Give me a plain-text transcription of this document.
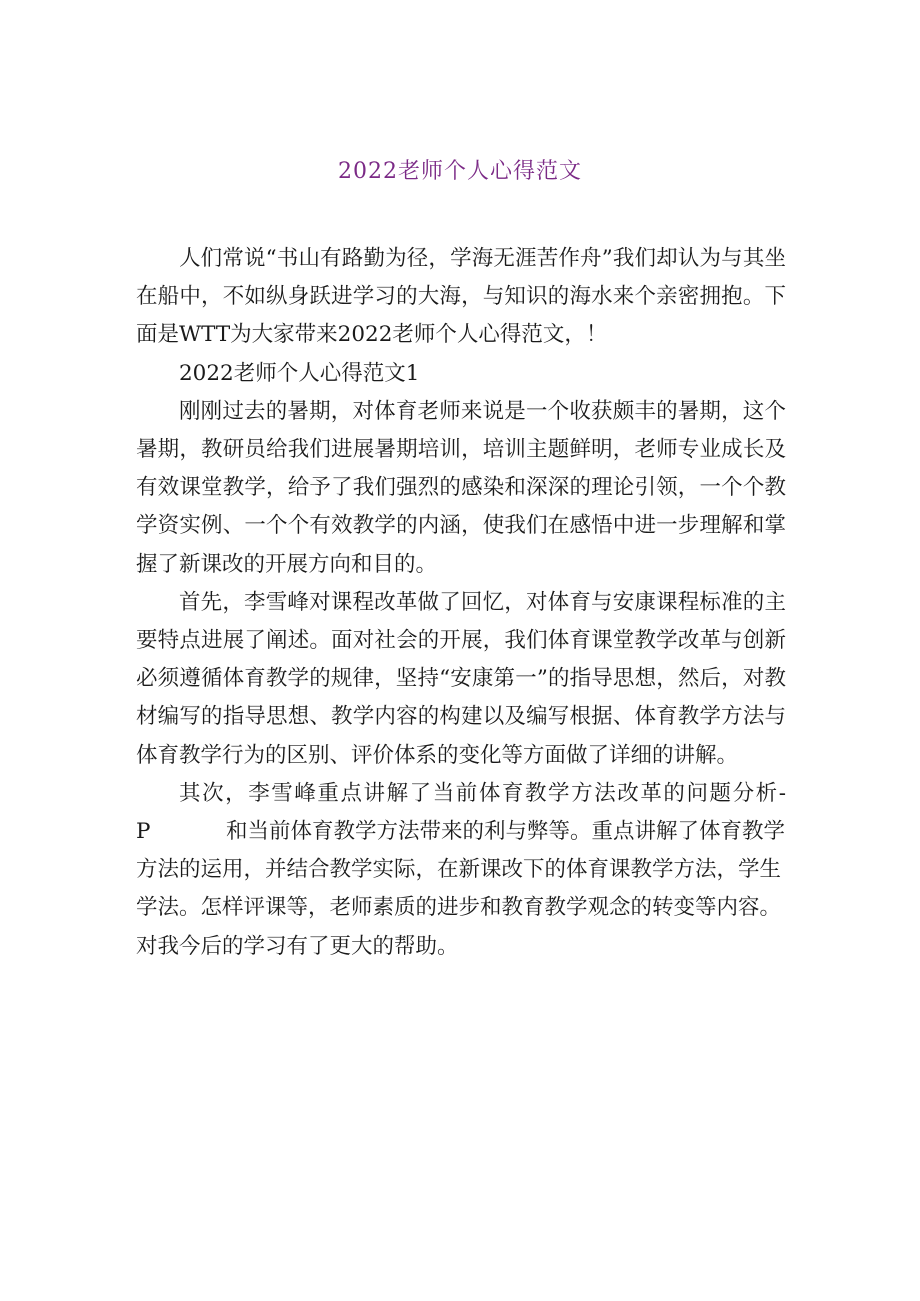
2022老师个人心得范文

人们常说“书山有路勤为径，学海无涯苦作舟”我们却认为与其坐在船中，不如纵身跃进学习的大海，与知识的海水来个亲密拥抱。下面是WTT为大家带来2022老师个人心得范文，！

2022老师个人心得范文1

刚刚过去的暑期，对体育老师来说是一个收获颇丰的暑期，这个暑期，教研员给我们进展暑期培训，培训主题鲜明，老师专业成长及有效课堂教学，给予了我们强烈的感染和深深的理论引领，一个个教学资实例、一个个有效教学的内涵，使我们在感悟中进一步理解和掌握了新课改的开展方向和目的。

首先，李雪峰对课程改革做了回忆，对体育与安康课程标准的主要特点进展了阐述。面对社会的开展，我们体育课堂教学改革与创新必须遵循体育教学的规律，坚持“安康第一”的指导思想，然后，对教材编写的指导思想、教学内容的构建以及编写根据、体育教学方法与体育教学行为的区别、评价体系的变化等方面做了详细的讲解。

其次，李雪峰重点讲解了当前体育教学方法改革的问题分析-

P	和当前体育教学方法带来的利与弊等。重点讲解了体育教学方法的运用，并结合教学实际，在新课改下的体育课教学方法，学生学法。怎样评课等，老师素质的进步和教育教学观念的转变等内容。对我今后的学习有了更大的帮助。
